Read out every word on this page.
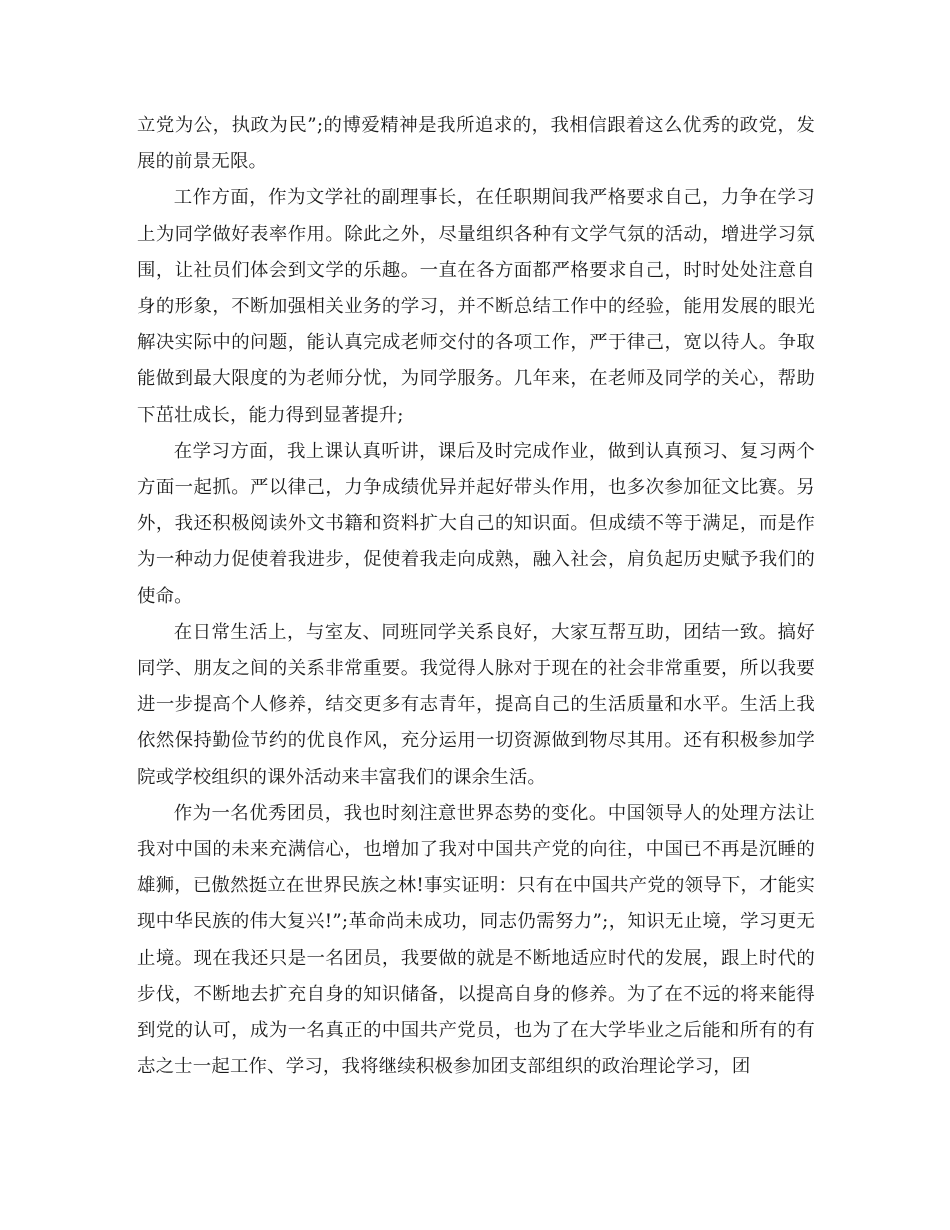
立党为公，执政为民”;的博爱精神是我所追求的，我相信跟着这么优秀的政党，发展的前景无限。

工作方面，作为文学社的副理事长，在任职期间我严格要求自己，力争在学习上为同学做好表率作用。除此之外，尽量组织各种有文学气氛的活动，增进学习氛围，让社员们体会到文学的乐趣。一直在各方面都严格要求自己，时时处处注意自身的形象，不断加强相关业务的学习，并不断总结工作中的经验，能用发展的眼光解决实际中的问题，能认真完成老师交付的各项工作，严于律己，宽以待人。争取能做到最大限度的为老师分忧，为同学服务。几年来，在老师及同学的关心，帮助下茁壮成长，能力得到显著提升;

在学习方面，我上课认真听讲，课后及时完成作业，做到认真预习、复习两个方面一起抓。严以律己，力争成绩优异并起好带头作用，也多次参加征文比赛。另外，我还积极阅读外文书籍和资料扩大自己的知识面。但成绩不等于满足，而是作为一种动力促使着我进步，促使着我走向成熟，融入社会，肩负起历史赋予我们的使命。

在日常生活上，与室友、同班同学关系良好，大家互帮互助，团结一致。搞好同学、朋友之间的关系非常重要。我觉得人脉对于现在的社会非常重要，所以我要进一步提高个人修养，结交更多有志青年，提高自己的生活质量和水平。生活上我依然保持勤俭节约的优良作风，充分运用一切资源做到物尽其用。还有积极参加学院或学校组织的课外活动来丰富我们的课余生活。

作为一名优秀团员，我也时刻注意世界态势的变化。中国领导人的处理方法让我对中国的未来充满信心，也增加了我对中国共产党的向往，中国已不再是沉睡的雄狮，已傲然挺立在世界民族之林!事实证明：只有在中国共产党的领导下，才能实现中华民族的伟大复兴!”;革命尚未成功，同志仍需努力”;，知识无止境，学习更无止境。现在我还只是一名团员，我要做的就是不断地适应时代的发展，跟上时代的步伐，不断地去扩充自身的知识储备，以提高自身的修养。为了在不远的将来能得到党的认可，成为一名真正的中国共产党员，也为了在大学毕业之后能和所有的有志之士一起工作、学习，我将继续积极参加团支部组织的政治理论学习，团
